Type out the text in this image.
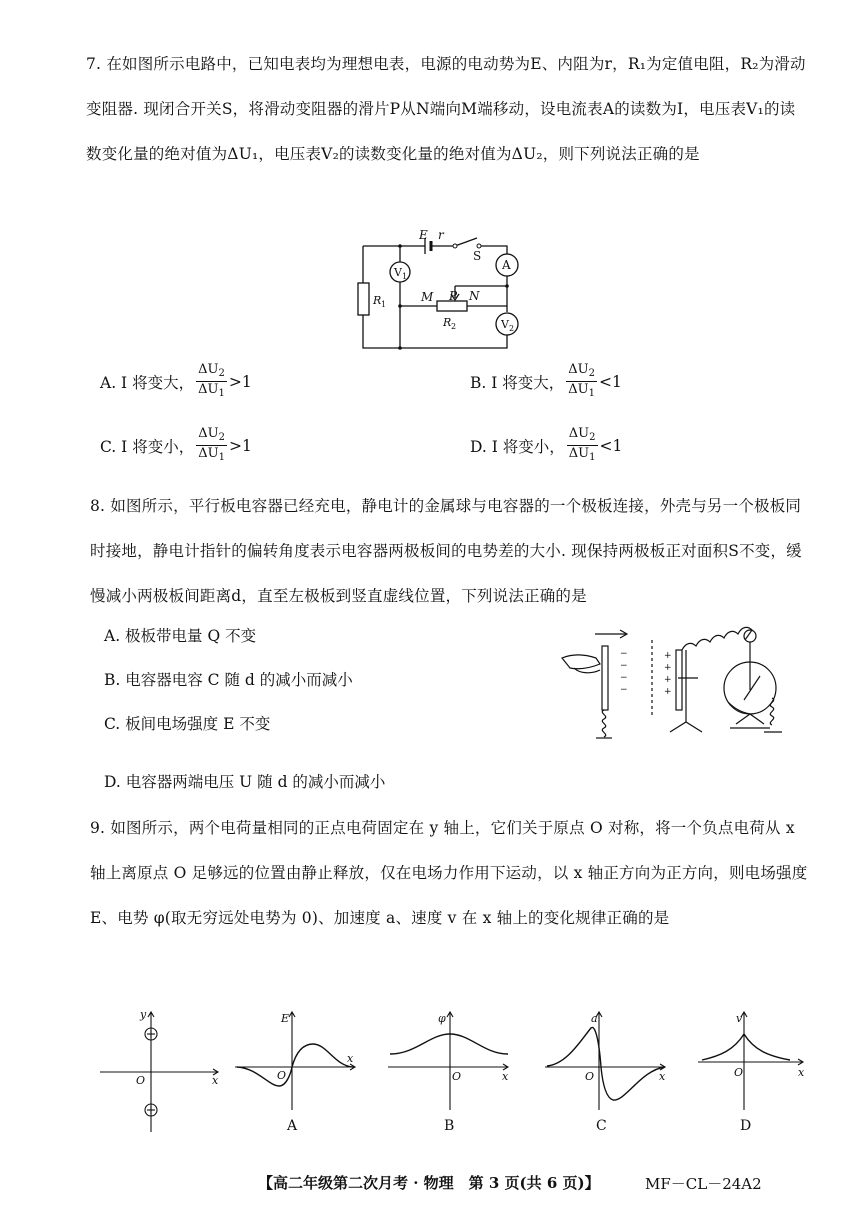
7. 在如图所示电路中，已知电表均为理想电表，电源的电动势为E、内阻为r，R₁为定值电阻，R₂为滑动变阻器. 现闭合开关S，将滑动变阻器的滑片P从N端向M端移动，设电流表A的读数为I，电压表V₁的读数变化量的绝对值为ΔU₁，电压表V₂的读数变化量的绝对值为ΔU₂，则下列说法正确的是
E r
S
A
V 1
V 2
R 1
R 2
M P N
A. I 将变大， $\frac{\Delta U_2}{\Delta U_1} >1$	B. I 将变大， $\frac{\Delta U_2}{\Delta U_1} <1$
C. I 将变小， $\frac{\Delta U_2}{\Delta U_1} >1$	D. I 将变小， $\frac{\Delta U_2}{\Delta U_1} <1$
8. 如图所示，平行板电容器已经充电，静电计的金属球与电容器的一个极板连接，外壳与另一个极板同时接地，静电计指针的偏转角度表示电容器两极板间的电势差的大小. 现保持两极板正对面积S不变，缓慢减小两极板间距离d，直至左极板到竖直虚线位置，下列说法正确的是
A. 极板带电量 Q 不变
B. 电容器电容 C 随 d 的减小而减小
C. 板间电场强度 E 不变
D. 电容器两端电压 U 随 d 的减小而减小
−
−
−
−
+
+
+
+
9. 如图所示，两个电荷量相同的正点电荷固定在 y 轴上，它们关于原点 O 对称，将一个负点电荷从 x 轴上离原点 O 足够远的位置由静止释放，仅在电场力作用下运动，以 x 轴正方向为正方向，则电场强度 E、电势 φ(取无穷远处电势为 0)、加速度 a、速度 v 在 x 轴上的变化规律正确的是
y
x
O
E
x
O
φ
x
O
a
x
O
v
x
O
A	B	C	D
【高二年级第二次月考 · 物理　第 3 页(共 6 页)】	MF－CL－24A2
